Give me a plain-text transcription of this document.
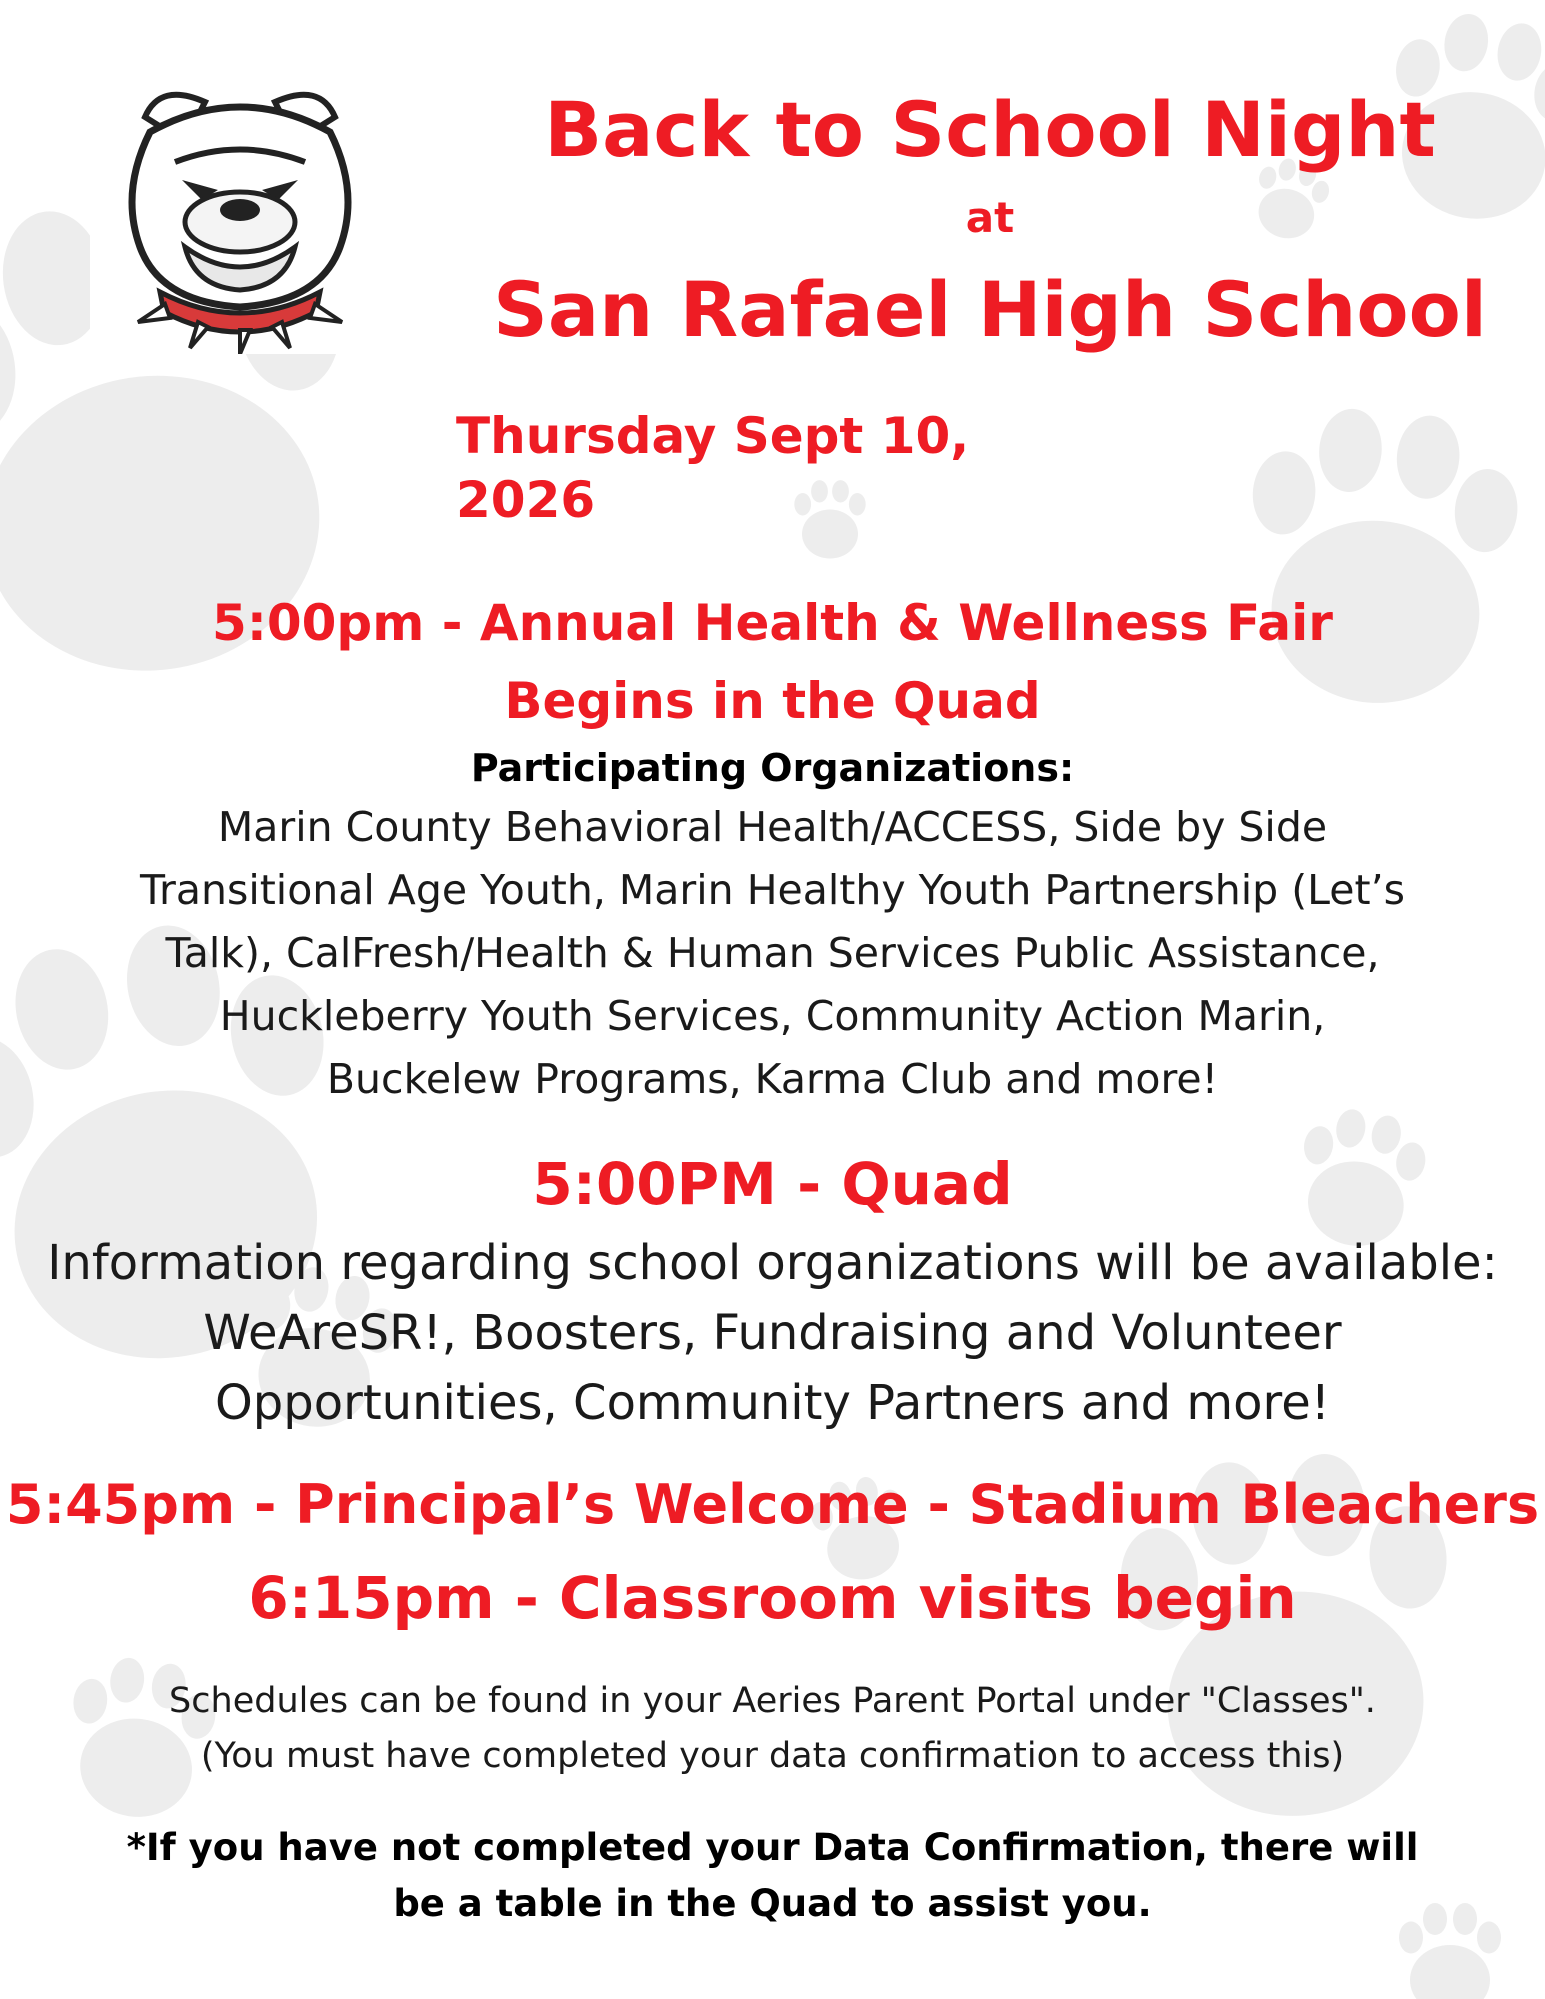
Back to School Night
at
San Rafael High School
Thursday Sept 10, 2026
5:00pm - Annual Health & Wellness Fair
Begins in the Quad
Participating Organizations:
Marin County Behavioral Health/ACCESS, Side by Side Transitional Age Youth, Marin Healthy Youth Partnership (Let’s Talk), CalFresh/Health & Human Services Public Assistance, Huckleberry Youth Services, Community Action Marin, Buckelew Programs, Karma Club and more!
5:00PM - Quad
Information regarding school organizations will be available: WeAreSR!, Boosters, Fundraising and Volunteer Opportunities, Community Partners and more!
5:45pm - Principal’s Welcome - Stadium Bleachers
6:15pm - Classroom visits begin
Schedules can be found in your Aeries Parent Portal under "Classes".
(You must have completed your data confirmation to access this)
*If you have not completed your Data Confirmation, there will
be a table in the Quad to assist you.
